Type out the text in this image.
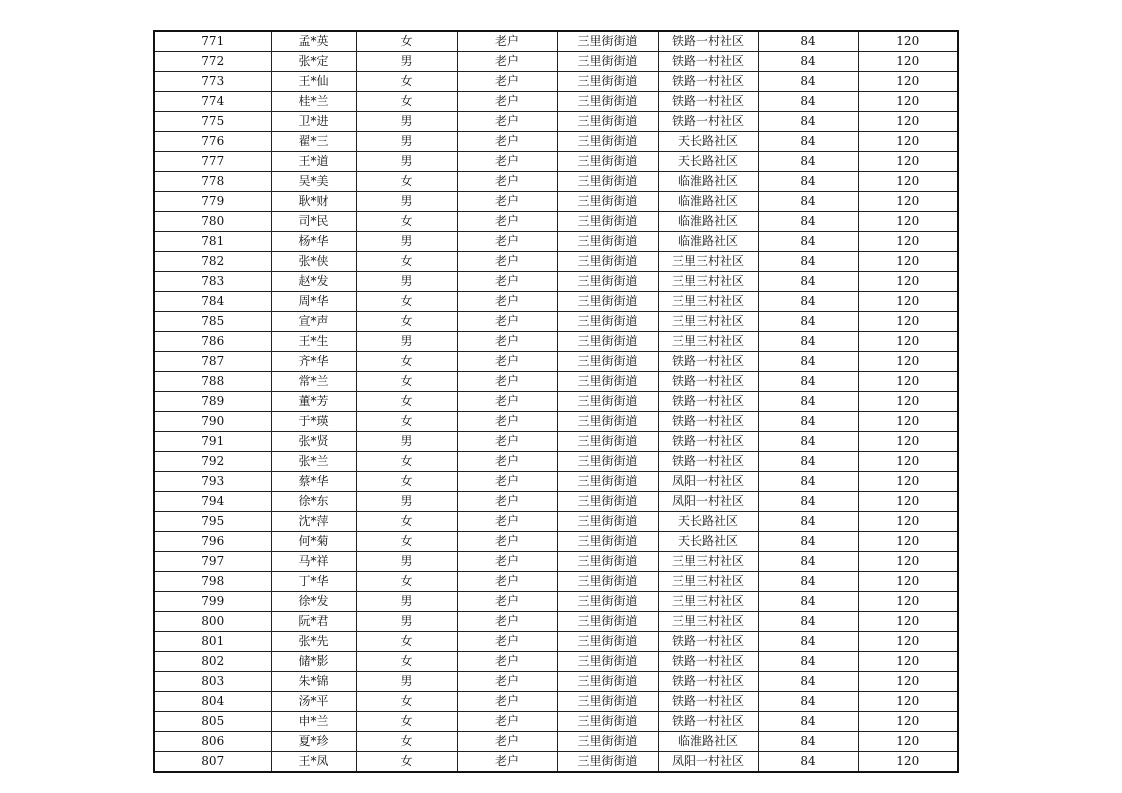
771	孟*英	女	老户	三里街街道	铁路一村社区	84	120
772	张*定	男	老户	三里街街道	铁路一村社区	84	120
773	王*仙	女	老户	三里街街道	铁路一村社区	84	120
774	桂*兰	女	老户	三里街街道	铁路一村社区	84	120
775	卫*进	男	老户	三里街街道	铁路一村社区	84	120
776	翟*三	男	老户	三里街街道	天长路社区	84	120
777	王*道	男	老户	三里街街道	天长路社区	84	120
778	吴*美	女	老户	三里街街道	临淮路社区	84	120
779	耿*财	男	老户	三里街街道	临淮路社区	84	120
780	司*民	女	老户	三里街街道	临淮路社区	84	120
781	杨*华	男	老户	三里街街道	临淮路社区	84	120
782	张*侠	女	老户	三里街街道	三里三村社区	84	120
783	赵*发	男	老户	三里街街道	三里三村社区	84	120
784	周*华	女	老户	三里街街道	三里三村社区	84	120
785	宣*声	女	老户	三里街街道	三里三村社区	84	120
786	王*生	男	老户	三里街街道	三里三村社区	84	120
787	齐*华	女	老户	三里街街道	铁路一村社区	84	120
788	常*兰	女	老户	三里街街道	铁路一村社区	84	120
789	董*芳	女	老户	三里街街道	铁路一村社区	84	120
790	于*瑛	女	老户	三里街街道	铁路一村社区	84	120
791	张*贤	男	老户	三里街街道	铁路一村社区	84	120
792	张*兰	女	老户	三里街街道	铁路一村社区	84	120
793	蔡*华	女	老户	三里街街道	凤阳一村社区	84	120
794	徐*东	男	老户	三里街街道	凤阳一村社区	84	120
795	沈*萍	女	老户	三里街街道	天长路社区	84	120
796	何*菊	女	老户	三里街街道	天长路社区	84	120
797	马*祥	男	老户	三里街街道	三里三村社区	84	120
798	丁*华	女	老户	三里街街道	三里三村社区	84	120
799	徐*发	男	老户	三里街街道	三里三村社区	84	120
800	阮*君	男	老户	三里街街道	三里三村社区	84	120
801	张*先	女	老户	三里街街道	铁路一村社区	84	120
802	储*影	女	老户	三里街街道	铁路一村社区	84	120
803	朱*锦	男	老户	三里街街道	铁路一村社区	84	120
804	汤*平	女	老户	三里街街道	铁路一村社区	84	120
805	申*兰	女	老户	三里街街道	铁路一村社区	84	120
806	夏*珍	女	老户	三里街街道	临淮路社区	84	120
807	王*凤	女	老户	三里街街道	凤阳一村社区	84	120
